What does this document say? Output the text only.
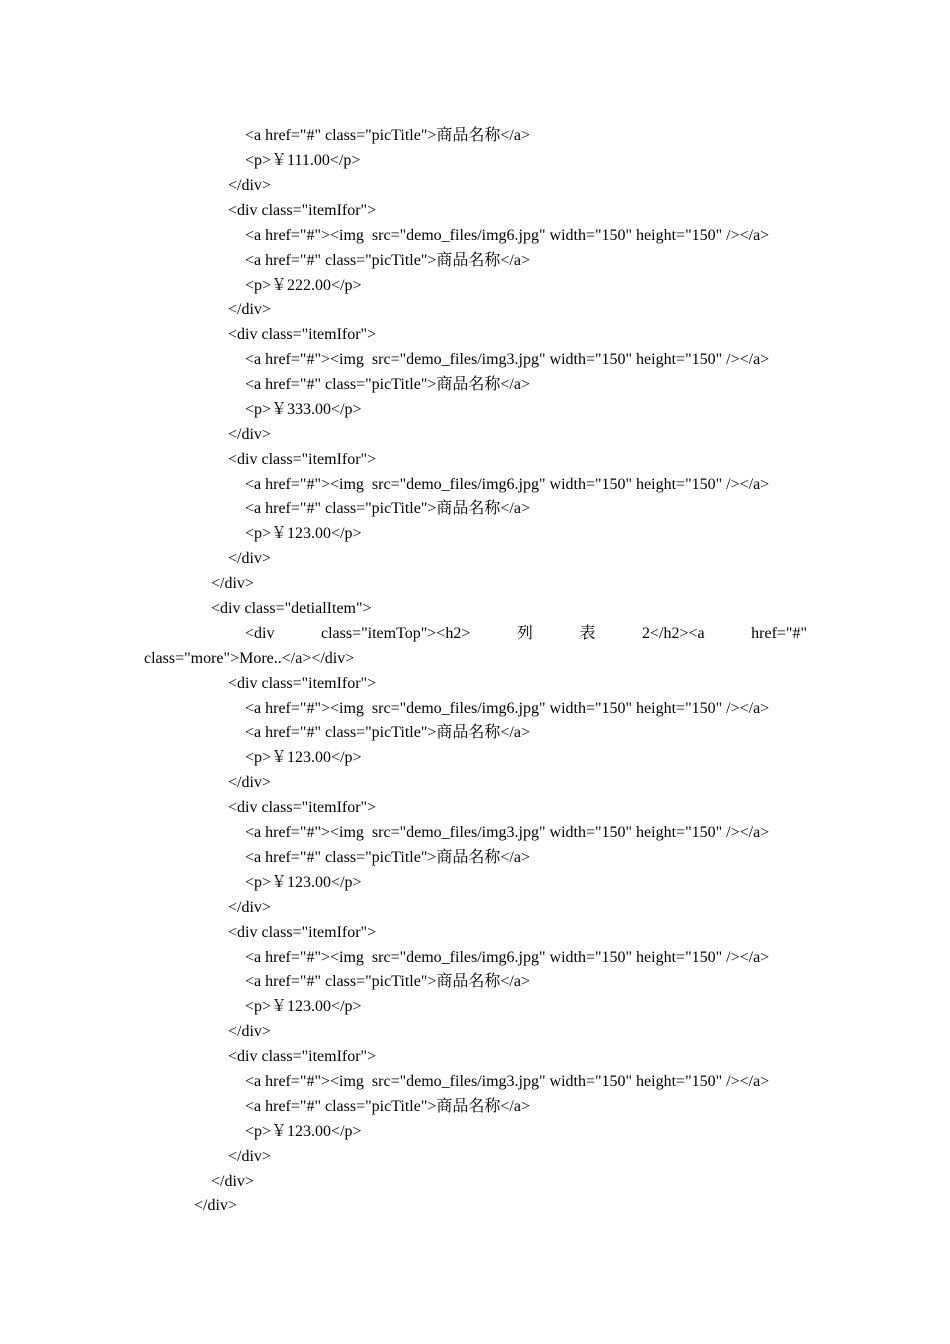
<a href="#" class="picTitle">商品名称</a>
<p>￥111.00</p>
</div>
<div class="itemIfor">
<a href="#"><img  src="demo_files/img6.jpg" width="150" height="150" /></a>
<a href="#" class="picTitle">商品名称</a>
<p>￥222.00</p>
</div>
<div class="itemIfor">
<a href="#"><img  src="demo_files/img3.jpg" width="150" height="150" /></a>
<a href="#" class="picTitle">商品名称</a>
<p>￥333.00</p>
</div>
<div class="itemIfor">
<a href="#"><img  src="demo_files/img6.jpg" width="150" height="150" /></a>
<a href="#" class="picTitle">商品名称</a>
<p>￥123.00</p>
</div>
</div>
<div class="detialItem">
<div	class="itemTop"><h2>	列	表	2</h2><a	href="#"
class="more">More..</a></div>
<div class="itemIfor">
<a href="#"><img  src="demo_files/img6.jpg" width="150" height="150" /></a>
<a href="#" class="picTitle">商品名称</a>
<p>￥123.00</p>
</div>
<div class="itemIfor">
<a href="#"><img  src="demo_files/img3.jpg" width="150" height="150" /></a>
<a href="#" class="picTitle">商品名称</a>
<p>￥123.00</p>
</div>
<div class="itemIfor">
<a href="#"><img  src="demo_files/img6.jpg" width="150" height="150" /></a>
<a href="#" class="picTitle">商品名称</a>
<p>￥123.00</p>
</div>
<div class="itemIfor">
<a href="#"><img  src="demo_files/img3.jpg" width="150" height="150" /></a>
<a href="#" class="picTitle">商品名称</a>
<p>￥123.00</p>
</div>
</div>
</div>
